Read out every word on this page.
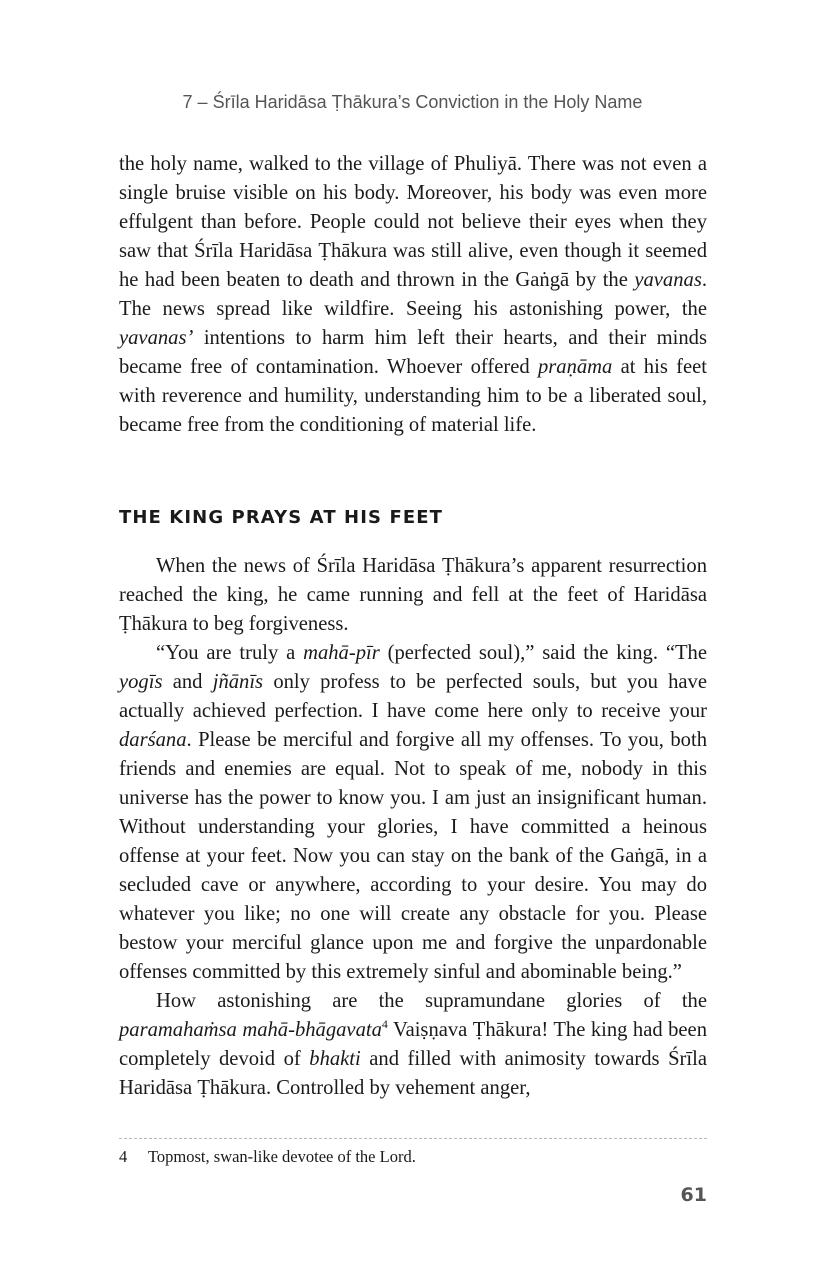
7 – Śrīla Haridāsa Ṭhākura’s Conviction in the Holy Name

the holy name, walked to the village of Phuliyā. There was not even a single bruise visible on his body. Moreover, his body was even more effulgent than before. People could not believe their eyes when they saw that Śrīla Haridāsa Ṭhākura was still alive, even though it seemed he had been beaten to death and thrown in the Gaṅgā by the yavanas. The news spread like wildfire. Seeing his astonishing power, the yavanas’ intentions to harm him left their hearts, and their minds became free of contamination. Whoever offered praṇāma at his feet with reverence and humility, understanding him to be a liberated soul, became free from the conditioning of material life.

THE KING PRAYS AT HIS FEET

When the news of Śrīla Haridāsa Ṭhākura’s apparent resurrection reached the king, he came running and fell at the feet of Haridāsa Ṭhākura to beg forgiveness.

“You are truly a mahā-pīr (perfected soul),” said the king. “The yogīs and jñānīs only profess to be perfected souls, but you have actually achieved perfection. I have come here only to receive your darśana. Please be merciful and forgive all my offenses. To you, both friends and enemies are equal. Not to speak of me, nobody in this universe has the power to know you. I am just an insignificant human. Without understanding your glories, I have committed a heinous offense at your feet. Now you can stay on the bank of the Gaṅgā, in a secluded cave or anywhere, according to your desire. You may do whatever you like; no one will create any obstacle for you. Please bestow your merciful glance upon me and forgive the unpardonable offenses committed by this extremely sinful and abominable being.”

How astonishing are the supramundane glories of the paramahaṁsa mahā-bhāgavata$^4$ Vaiṣṇava Ṭhākura! The king had been completely devoid of bhakti and filled with animosity towards Śrīla Haridāsa Ṭhākura. Controlled by vehement anger,

4 Topmost, swan-like devotee of the Lord.
61
